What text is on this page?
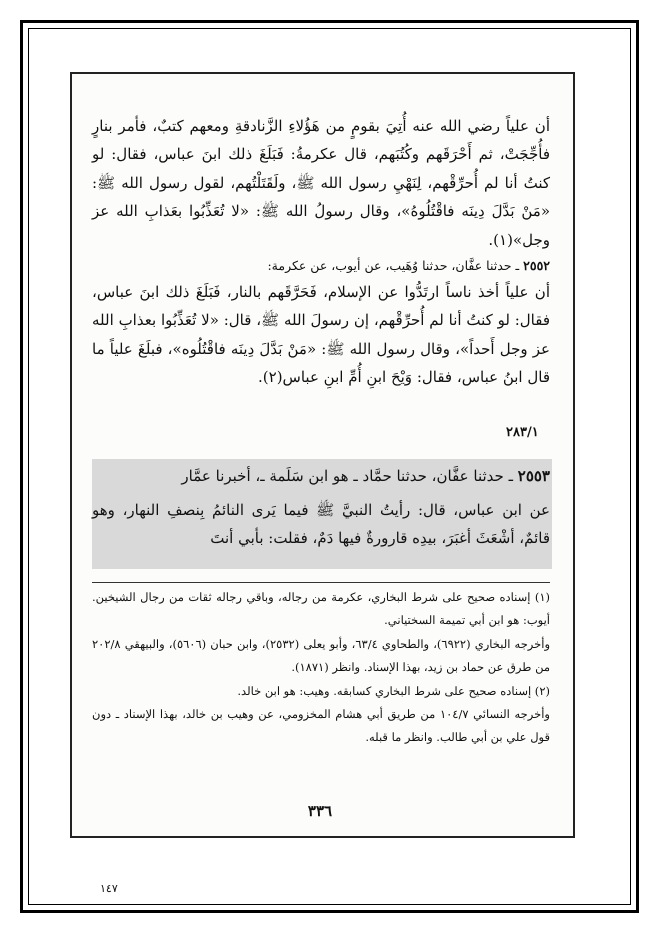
أن علياً رضي الله عنه أُتِيَ بقومٍ من هَؤُلاءِ الزَّنادقةِ ومعهم كتبٌ، فأمر بنارٍ فأُجِّجَتْ، ثم أَحْرَقَهم وكُتُبَهم، قال عكرمةُ: فَبَلَغَ ذلك ابنَ عباس، فقال: لو كنتُ أنا لم أُحرِّقْهم، لِنَهْيِ رسول الله ﷺ، ولَقَتَلْتُهم، لقول رسول الله ﷺ: «مَنْ بَدَّلَ دِينَه فاقْتُلُوهُ»، وقال رسولُ الله ﷺ: «لا تُعَذِّبُوا بعَذابِ الله عز وجل»(١).

٢٥٥٢ ـ حدثنا عفَّان، حدثنا وُهَيب، عن أيوب، عن عكرمة:

أن علياً أخذ ناساً ارتَدُّوا عن الإسلام، فَحَرَّقَهم بالنار، فَبَلَغَ ذلك ابنَ عباس، فقال: لو كنتُ أنا لم أُحرِّقْهم، إن رسولَ الله ﷺ، قال: «لا تُعَذِّبُوا بعذابِ الله عز وجل أَحداً»، وقال رسول الله ﷺ: «مَنْ بَدَّلَ دِينَه فاقْتُلُوه»، فبلَغَ علياً ما قال ابنُ عباس، فقال: وَيْحَ ابنِ أُمِّ ابنِ عباس(٢).

٢٥٥٣ ـ حدثنا عفَّان، حدثنا حمَّاد ـ هو ابن سَلَمة ـ، أخبرنا عمَّار

عن ابن عباس، قال: رأيتُ النبيَّ ﷺ فيما يَرى النائمُ بِنصفِ النهار، وهو قائمٌ، أشْعَثَ أغبَرَ، بيدِه قارورةٌ فيها دَمٌ، فقلت: بأبي أنتَ

٢٨٣/١

(١) إسناده صحيح على شرط البخاري، عكرمة من رجاله، وباقي رجاله ثقات من رجال الشيخين. أيوب: هو ابن أبي تميمة السختياني.

وأخرجه البخاري (٦٩٢٢)، والطحاوي ٦٣/٤، وأبو يعلى (٢٥٣٢)، وابن حبان (٥٦٠٦)، والبيهقي ٢٠٢/٨ من طرق عن حماد بن زيد، بهذا الإسناد. وانظر (١٨٧١).

(٢) إسناده صحيح على شرط البخاري كسابقه. وهيب: هو ابن خالد.

وأخرجه النسائي ١٠٤/٧ من طريق أبي هشام المخزومي، عن وهيب بن خالد، بهذا الإسناد ـ دون قول علي بن أبي طالب. وانظر ما قبله.

٣٣٦
١٤٧
